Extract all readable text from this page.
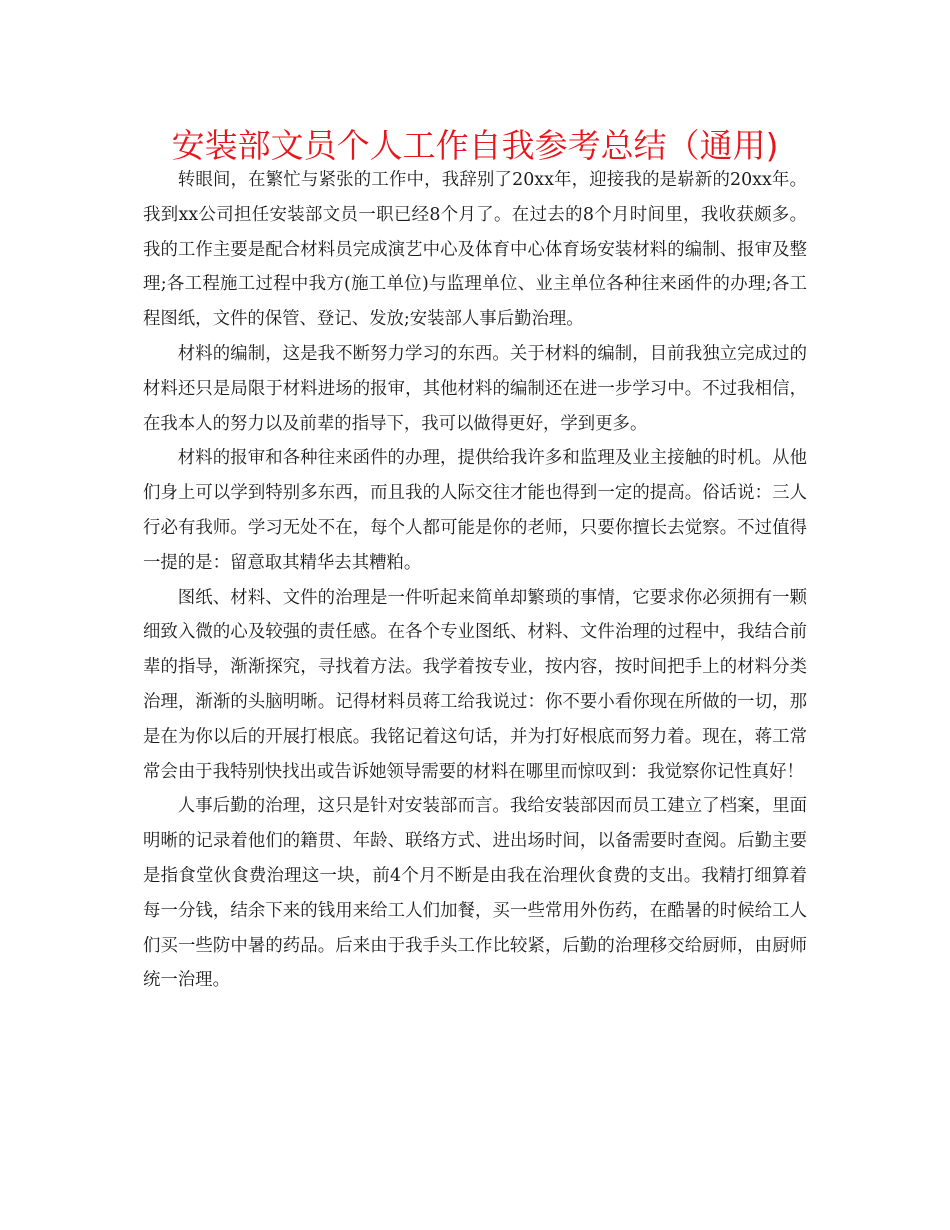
安装部文员个人工作自我参考总结（通用)

转眼间，在繁忙与紧张的工作中，我辞别了20xx年，迎接我的是崭新的20xx年。我到xx公司担任安装部文员一职已经8个月了。在过去的8个月时间里，我收获颇多。我的工作主要是配合材料员完成演艺中心及体育中心体育场安装材料的编制、报审及整理;各工程施工过程中我方(施工单位)与监理单位、业主单位各种往来函件的办理;各工程图纸，文件的保管、登记、发放;安装部人事后勤治理。

材料的编制，这是我不断努力学习的东西。关于材料的编制，目前我独立完成过的材料还只是局限于材料进场的报审，其他材料的编制还在进一步学习中。不过我相信，在我本人的努力以及前辈的指导下，我可以做得更好，学到更多。

材料的报审和各种往来函件的办理，提供给我许多和监理及业主接触的时机。从他们身上可以学到特别多东西，而且我的人际交往才能也得到一定的提高。俗话说：三人行必有我师。学习无处不在，每个人都可能是你的老师，只要你擅长去觉察。不过值得一提的是：留意取其精华去其糟粕。

图纸、材料、文件的治理是一件听起来简单却繁琐的事情，它要求你必须拥有一颗细致入微的心及较强的责任感。在各个专业图纸、材料、文件治理的过程中，我结合前辈的指导，渐渐探究，寻找着方法。我学着按专业，按内容，按时间把手上的材料分类治理，渐渐的头脑明晰。记得材料员蒋工给我说过：你不要小看你现在所做的一切，那是在为你以后的开展打根底。我铭记着这句话，并为打好根底而努力着。现在，蒋工常常会由于我特别快找出或告诉她领导需要的材料在哪里而惊叹到：我觉察你记性真好！

人事后勤的治理，这只是针对安装部而言。我给安装部因而员工建立了档案，里面明晰的记录着他们的籍贯、年龄、联络方式、进出场时间，以备需要时查阅。后勤主要是指食堂伙食费治理这一块，前4个月不断是由我在治理伙食费的支出。我精打细算着每一分钱，结余下来的钱用来给工人们加餐，买一些常用外伤药，在酷暑的时候给工人们买一些防中暑的药品。后来由于我手头工作比较紧，后勤的治理移交给厨师，由厨师统一治理。
